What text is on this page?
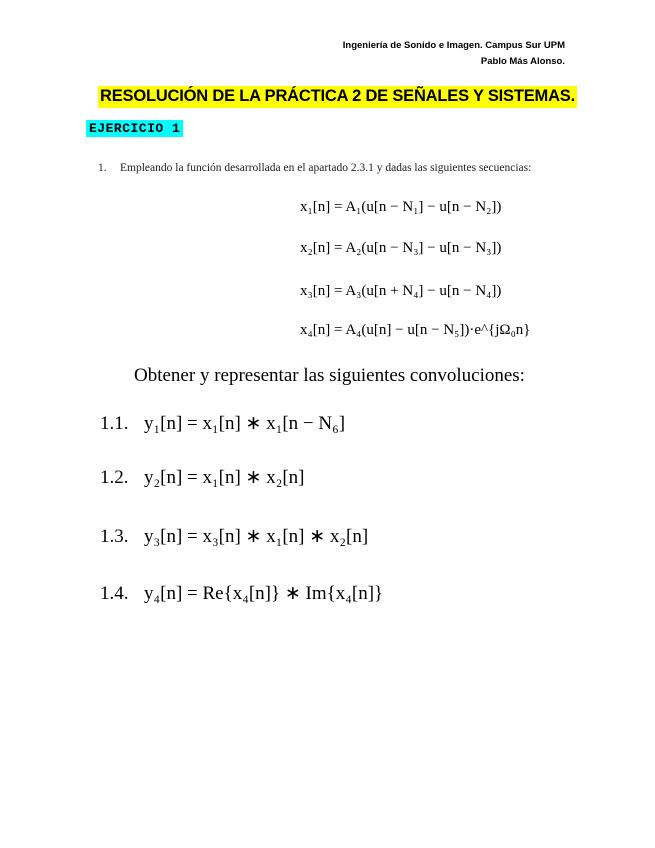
Ingeniería de Sonido e Imagen. Campus Sur UPM
Pablo Más Alonso.
RESOLUCIÓN DE LA PRÁCTICA 2 DE SEÑALES Y SISTEMAS.
EJERCICIO 1
1. Empleando la función desarrollada en el apartado 2.3.1 y dadas las siguientes secuencias:
x₁[n] = A₁(u[n − N₁] − u[n − N₂])
x₂[n] = A₂(u[n − N₃] − u[n − N₃])
x₃[n] = A₃(u[n + N₄] − u[n − N₄])
x₄[n] = A₄(u[n] − u[n − N₅])·e^{jΩ₀n}
Obtener y representar las siguientes convoluciones:
1.1. y₁[n] = x₁[n] ∗ x₁[n − N₆]
1.2. y₂[n] = x₁[n] ∗ x₂[n]
1.3. y₃[n] = x₃[n] ∗ x₁[n] ∗ x₂[n]
1.4. y₄[n] = Re{x₄[n]} ∗ Im{x₄[n]}
